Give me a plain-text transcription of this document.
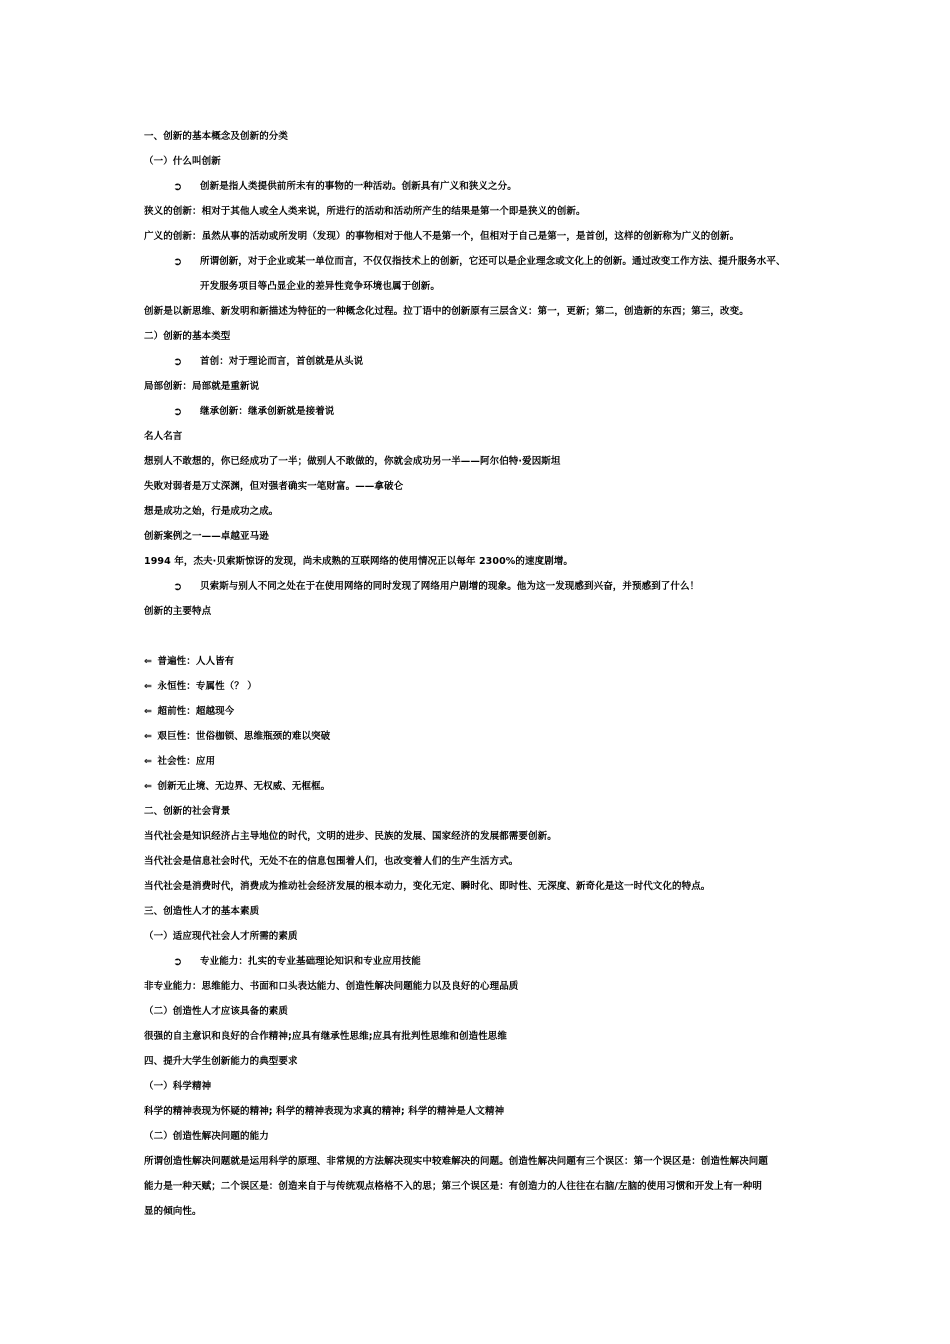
一、创新的基本概念及创新的分类
（一）什么叫创新
➲	创新是指人类提供前所未有的事物的一种活动。创新具有广义和狭义之分。
狭义的创新：相对于其他人或全人类来说，所进行的活动和活动所产生的结果是第一个即是狭义的创新。
广义的创新：虽然从事的活动或所发明（发现）的事物相对于他人不是第一个，但相对于自己是第一，是首创，这样的创新称为广义的创新。
➲	所谓创新，对于企业或某一单位而言，不仅仅指技术上的创新，它还可以是企业理念或文化上的创新。通过改变工作方法、提升服务水平、
开发服务项目等凸显企业的差异性竞争环境也属于创新。
创新是以新思维、新发明和新描述为特征的一种概念化过程。拉丁语中的创新原有三层含义：第一，更新；第二，创造新的东西；第三，改变。
二）创新的基本类型
➲	首创：对于理论而言，首创就是从头说
局部创新：局部就是重新说
➲	继承创新：继承创新就是接着说
名人名言
想别人不敢想的，你已经成功了一半；做别人不敢做的，你就会成功另一半——阿尔伯特·爱因斯坦
失败对弱者是万丈深渊，但对强者确实一笔财富。——拿破仑
想是成功之始，行是成功之成。
创新案例之一——卓越亚马逊
1994 年，杰夫·贝索斯惊讶的发现，尚未成熟的互联网络的使用情况正以每年 2300%的速度剧增。
➲	贝索斯与别人不同之处在于在使用网络的同时发现了网络用户剧增的现象。他为这一发现感到兴奋，并预感到了什么！
创新的主要特点
⇐ 普遍性：人人皆有
⇐ 永恒性：专属性（？ ）
⇐ 超前性：超越现今
⇐ 艰巨性：世俗枷锁、思维瓶颈的难以突破
⇐ 社会性：应用
⇐ 创新无止境、无边界、无权威、无框框。
二、创新的社会背景
当代社会是知识经济占主导地位的时代，文明的进步、民族的发展、国家经济的发展都需要创新。
当代社会是信息社会时代，无处不在的信息包围着人们，也改变着人们的生产生活方式。
当代社会是消费时代，消费成为推动社会经济发展的根本动力，变化无定、瞬时化、即时性、无深度、新奇化是这一时代文化的特点。
三、创造性人才的基本素质
（一）适应现代社会人才所需的素质
➲	专业能力：扎实的专业基础理论知识和专业应用技能
非专业能力：思维能力、书面和口头表达能力、创造性解决问题能力以及良好的心理品质
（二）创造性人才应该具备的素质
很强的自主意识和良好的合作精神;应具有继承性思维;应具有批判性思维和创造性思维
四、提升大学生创新能力的典型要求
（一）科学精神
科学的精神表现为怀疑的精神; 科学的精神表现为求真的精神; 科学的精神是人文精神
（二）创造性解决问题的能力
所谓创造性解决问题就是运用科学的原理、非常规的方法解决现实中较难解决的问题。创造性解决问题有三个误区：第一个误区是：创造性解决问题
能力是一种天赋；二个误区是：创造来自于与传统观点格格不入的思；第三个误区是：有创造力的人往往在右脑/左脑的使用习惯和开发上有一种明
显的倾向性。
